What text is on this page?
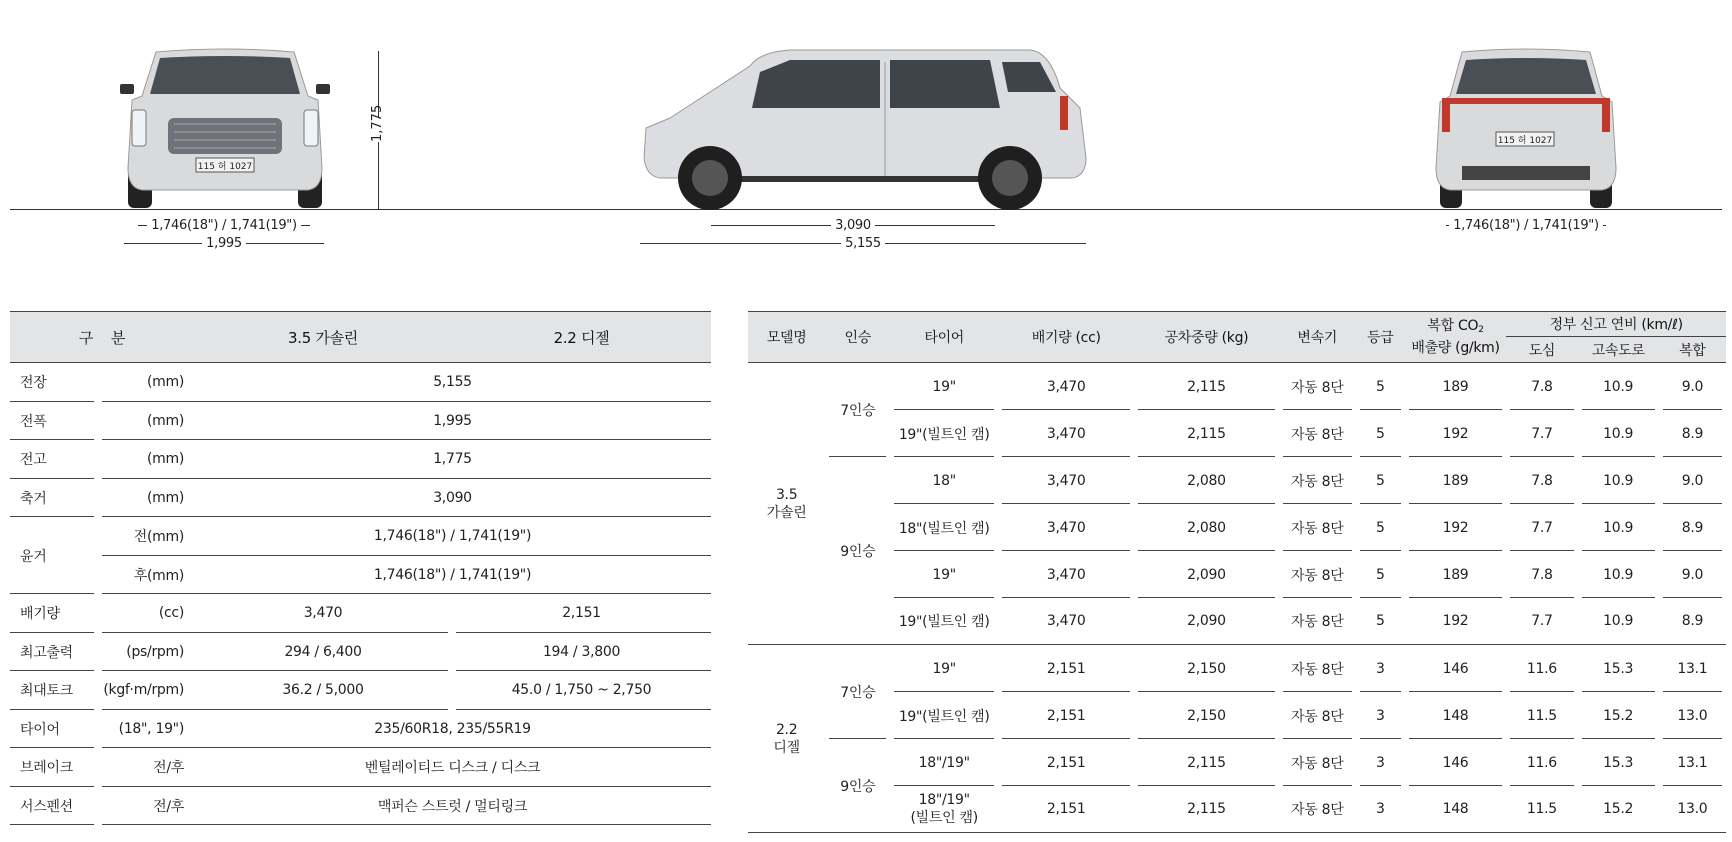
115 허 1027
1,746(18") / 1,741(19")
1,995
1,775
3,090
5,155
115 허 1027
1,746(18") / 1,741(19")
구    분		3.5 가솔린	2.2 디젤
전장	(mm)	5,155	

전폭	(mm)	1,995	

전고	(mm)	1,775	

축거	(mm)	3,090	

윤거	전(mm)	1,746(18") / 1,741(19")	

	후(mm)	1,746(18") / 1,741(19")	

배기량	(cc)	3,470	2,151

최고출력	(ps/rpm)	294 / 6,400	194 / 3,800

최대토크	(kgf·m/rpm)	36.2 / 5,000	45.0 / 1,750 ~ 2,750

타이어	(18", 19")	235/60R18, 235/55R19	

브레이크	전/후	벤틸레이티드 디스크 / 디스크	

서스펜션	전/후	맥퍼슨 스트럿 / 멀티링크	
모델명	인승	타이어	배기량 (cc)	공차중량 (kg)	변속기	등급	복합 $CO_2$
배출량 (g/km)	정부 신고 연비 (km/ℓ)		
								도심	고속도로	복합
3.5
가솔린	7인승	19"	3,470	2,115	자동 8단	5	189	7.8	10.9	9.0

		19"(빌트인 캠)	3,470	2,115	자동 8단	5	192	7.7	10.9	8.9

	9인승	18"	3,470	2,080	자동 8단	5	189	7.8	10.9	9.0

		18"(빌트인 캠)	3,470	2,080	자동 8단	5	192	7.7	10.9	8.9

		19"	3,470	2,090	자동 8단	5	189	7.8	10.9	9.0

		19"(빌트인 캠)	3,470	2,090	자동 8단	5	192	7.7	10.9	8.9
2.2
디젤	7인승	19"	2,151	2,150	자동 8단	3	146	11.6	15.3	13.1

		19"(빌트인 캠)	2,151	2,150	자동 8단	3	148	11.5	15.2	13.0

	9인승	18"/19"	2,151	2,115	자동 8단	3	146	11.6	15.3	13.1

		18"/19"
(빌트인 캠)	2,151	2,115	자동 8단	3	148	11.5	15.2	13.0
